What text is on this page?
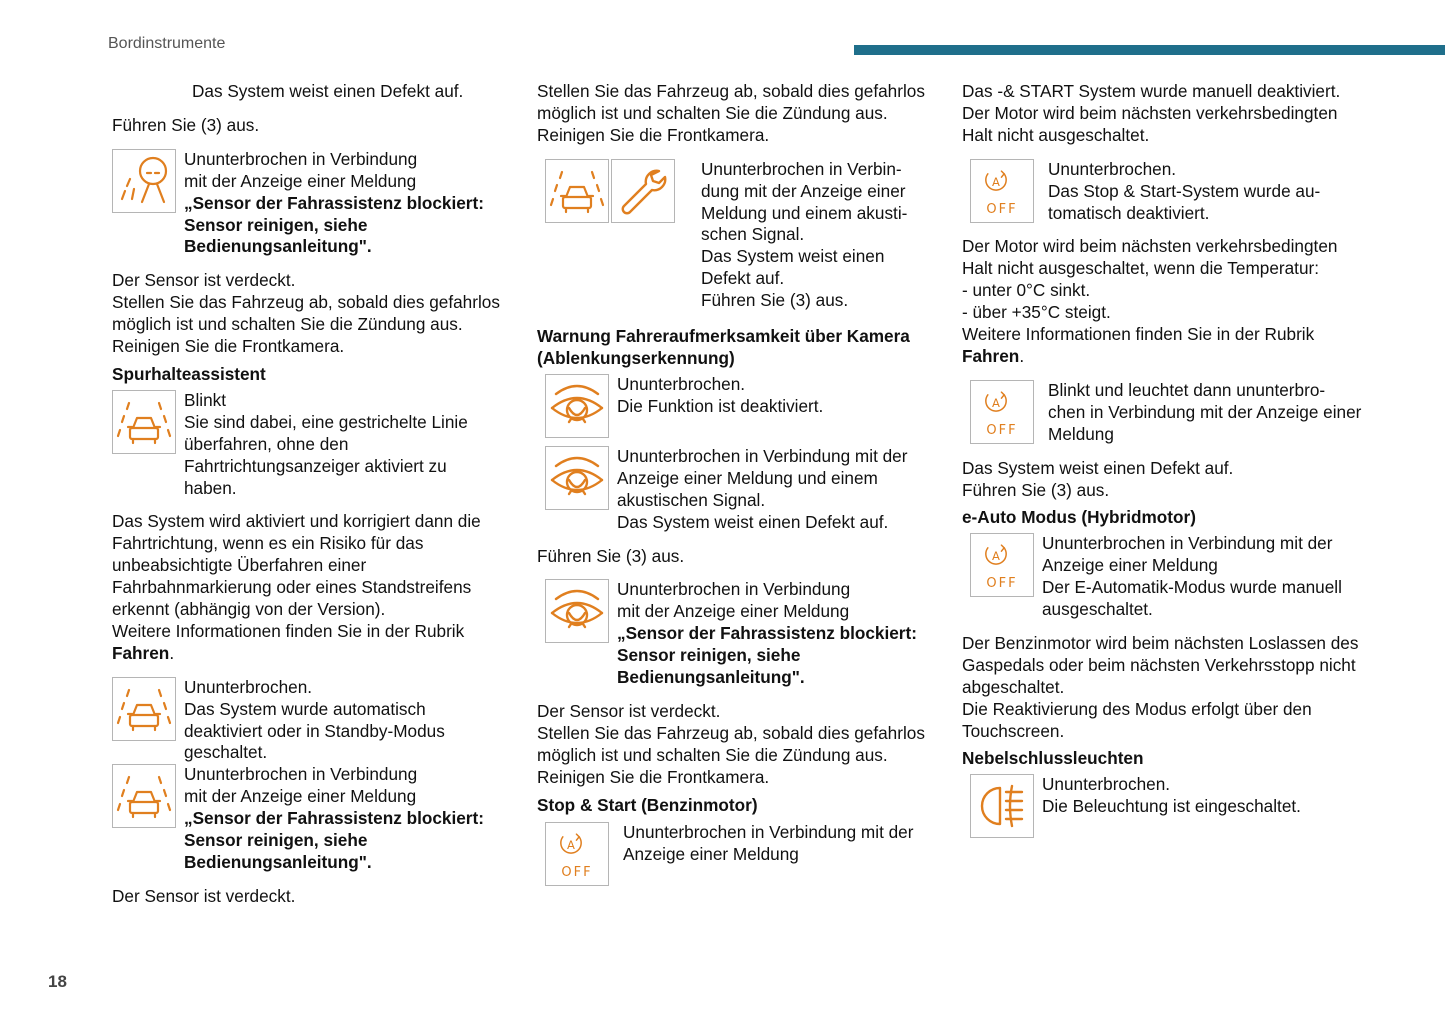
Bordinstrumente
18

Das System weist einen Defekt auf.

Führen Sie (3) aus.

Ununterbrochen in Verbindung

mit der Anzeige einer Meldung

„Sensor der Fahrassistenz blockiert: Sensor reinigen, siehe Bedienungsanleitung".

Der Sensor ist verdeckt.

Stellen Sie das Fahrzeug ab, sobald dies gefahrlos möglich ist und schalten Sie die Zündung aus.

Reinigen Sie die Frontkamera.

Spurhalteassistent

Blinkt

Sie sind dabei, eine gestrichelte Linie überfahren, ohne den Fahrtrichtungsanzeiger aktiviert zu haben.

Das System wird aktiviert und korrigiert dann die Fahrtrichtung, wenn es ein Risiko für das unbeabsichtigte Überfahren einer Fahrbahnmarkierung oder eines Standstreifens erkennt (abhängig von der Version).

Weitere Informationen finden Sie in der Rubrik Fahren.

Ununterbrochen.

Das System wurde automatisch deaktiviert oder in Standby-Modus geschaltet.

Ununterbrochen in Verbindung

mit der Anzeige einer Meldung

„Sensor der Fahrassistenz blockiert: Sensor reinigen, siehe Bedienungsanleitung".

Der Sensor ist verdeckt.

Stellen Sie das Fahrzeug ab, sobald dies gefahrlos möglich ist und schalten Sie die Zündung aus.

Reinigen Sie die Frontkamera.

Ununterbrochen in Verbin-dung mit der Anzeige einer Meldung und einem akusti-schen Signal.

Das System weist einen Defekt auf.

Führen Sie (3) aus.

Warnung Fahreraufmerksamkeit über Kamera (Ablenkungserkennung)

Ununterbrochen.

Die Funktion ist deaktiviert.

Ununterbrochen in Verbindung mit der Anzeige einer Meldung und einem akustischen Signal.

Das System weist einen Defekt auf.

Führen Sie (3) aus.

Ununterbrochen in Verbindung

mit der Anzeige einer Meldung

„Sensor der Fahrassistenz blockiert: Sensor reinigen, siehe Bedienungsanleitung".

Der Sensor ist verdeckt.

Stellen Sie das Fahrzeug ab, sobald dies gefahrlos möglich ist und schalten Sie die Zündung aus.

Reinigen Sie die Frontkamera.

Stop & Start (Benzinmotor)

OFF

Ununterbrochen in Verbindung mit der Anzeige einer Meldung

Das -& START System wurde manuell deaktiviert.

Der Motor wird beim nächsten verkehrsbedingten Halt nicht ausgeschaltet.

OFF

Ununterbrochen.

Das Stop & Start-System wurde au-tomatisch deaktiviert.

Der Motor wird beim nächsten verkehrsbedingten Halt nicht ausgeschaltet, wenn die Temperatur:

- unter 0°C sinkt.

- über +35°C steigt.

Weitere Informationen finden Sie in der Rubrik Fahren.

OFF

Blinkt und leuchtet dann ununterbro-chen in Verbindung mit der Anzeige einer Meldung

Das System weist einen Defekt auf.

Führen Sie (3) aus.

e-Auto Modus (Hybridmotor)

OFF

Ununterbrochen in Verbindung mit der Anzeige einer Meldung

Der E-Automatik-Modus wurde manuell ausgeschaltet.

Der Benzinmotor wird beim nächsten Loslassen des Gaspedals oder beim nächsten Verkehrsstopp nicht abgeschaltet.

Die Reaktivierung des Modus erfolgt über den Touchscreen.

Nebelschlussleuchten

Ununterbrochen.

Die Beleuchtung ist eingeschaltet.
